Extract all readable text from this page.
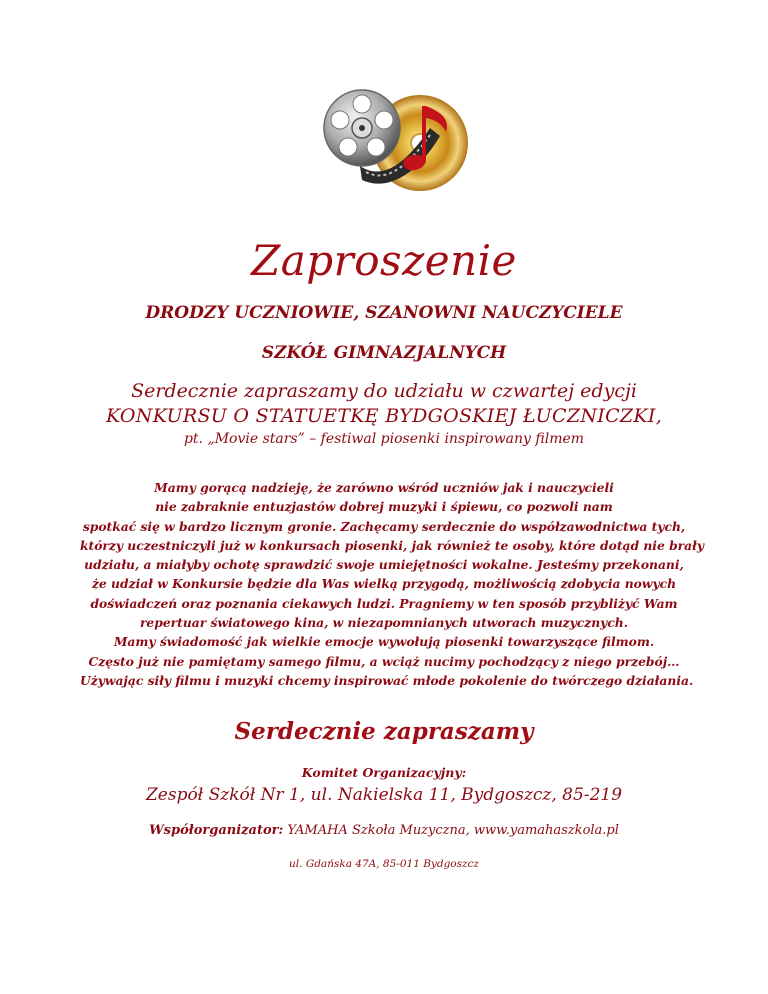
Zaproszenie
DRODZY UCZNIOWIE, SZANOWNI NAUCZYCIELE
SZKÓŁ GIMNAZJALNYCH
Serdecznie zapraszamy do udziału w czwartej edycji
KONKURSU O STATUETKĘ BYDGOSKIEJ ŁUCZNICZKI,
pt. „Movie stars” – festiwal piosenki inspirowany filmem
Mamy gorącą nadzieję, że zarówno wśród uczniów jak i nauczycieli
nie zabraknie entuzjastów dobrej muzyki i śpiewu, co pozwoli nam
spotkać się w bardzo licznym gronie. Zachęcamy serdecznie do współzawodnictwa tych,
którzy uczestniczyli już w konkursach piosenki, jak również te osoby, które dotąd nie brały
udziału, a miałyby ochotę sprawdzić swoje umiejętności wokalne. Jesteśmy przekonani,
że udział w Konkursie będzie dla Was wielką przygodą, możliwością zdobycia nowych
doświadczeń oraz poznania ciekawych ludzi. Pragniemy w ten sposób przybliżyć Wam
repertuar światowego kina, w niezapomnianych utworach muzycznych.
Mamy świadomość jak wielkie emocje wywołują piosenki towarzyszące filmom.
Często już nie pamiętamy samego filmu, a wciąż nucimy pochodzący z niego przebój…
Używając siły filmu i muzyki chcemy inspirować młode pokolenie do twórczego działania.
Serdecznie zapraszamy
Komitet Organizacyjny:
Zespół Szkół Nr 1, ul. Nakielska 11, Bydgoszcz, 85-219
Współorganizator: YAMAHA Szkoła Muzyczna, www.yamahaszkola.pl
ul. Gdańska 47A, 85-011 Bydgoszcz
